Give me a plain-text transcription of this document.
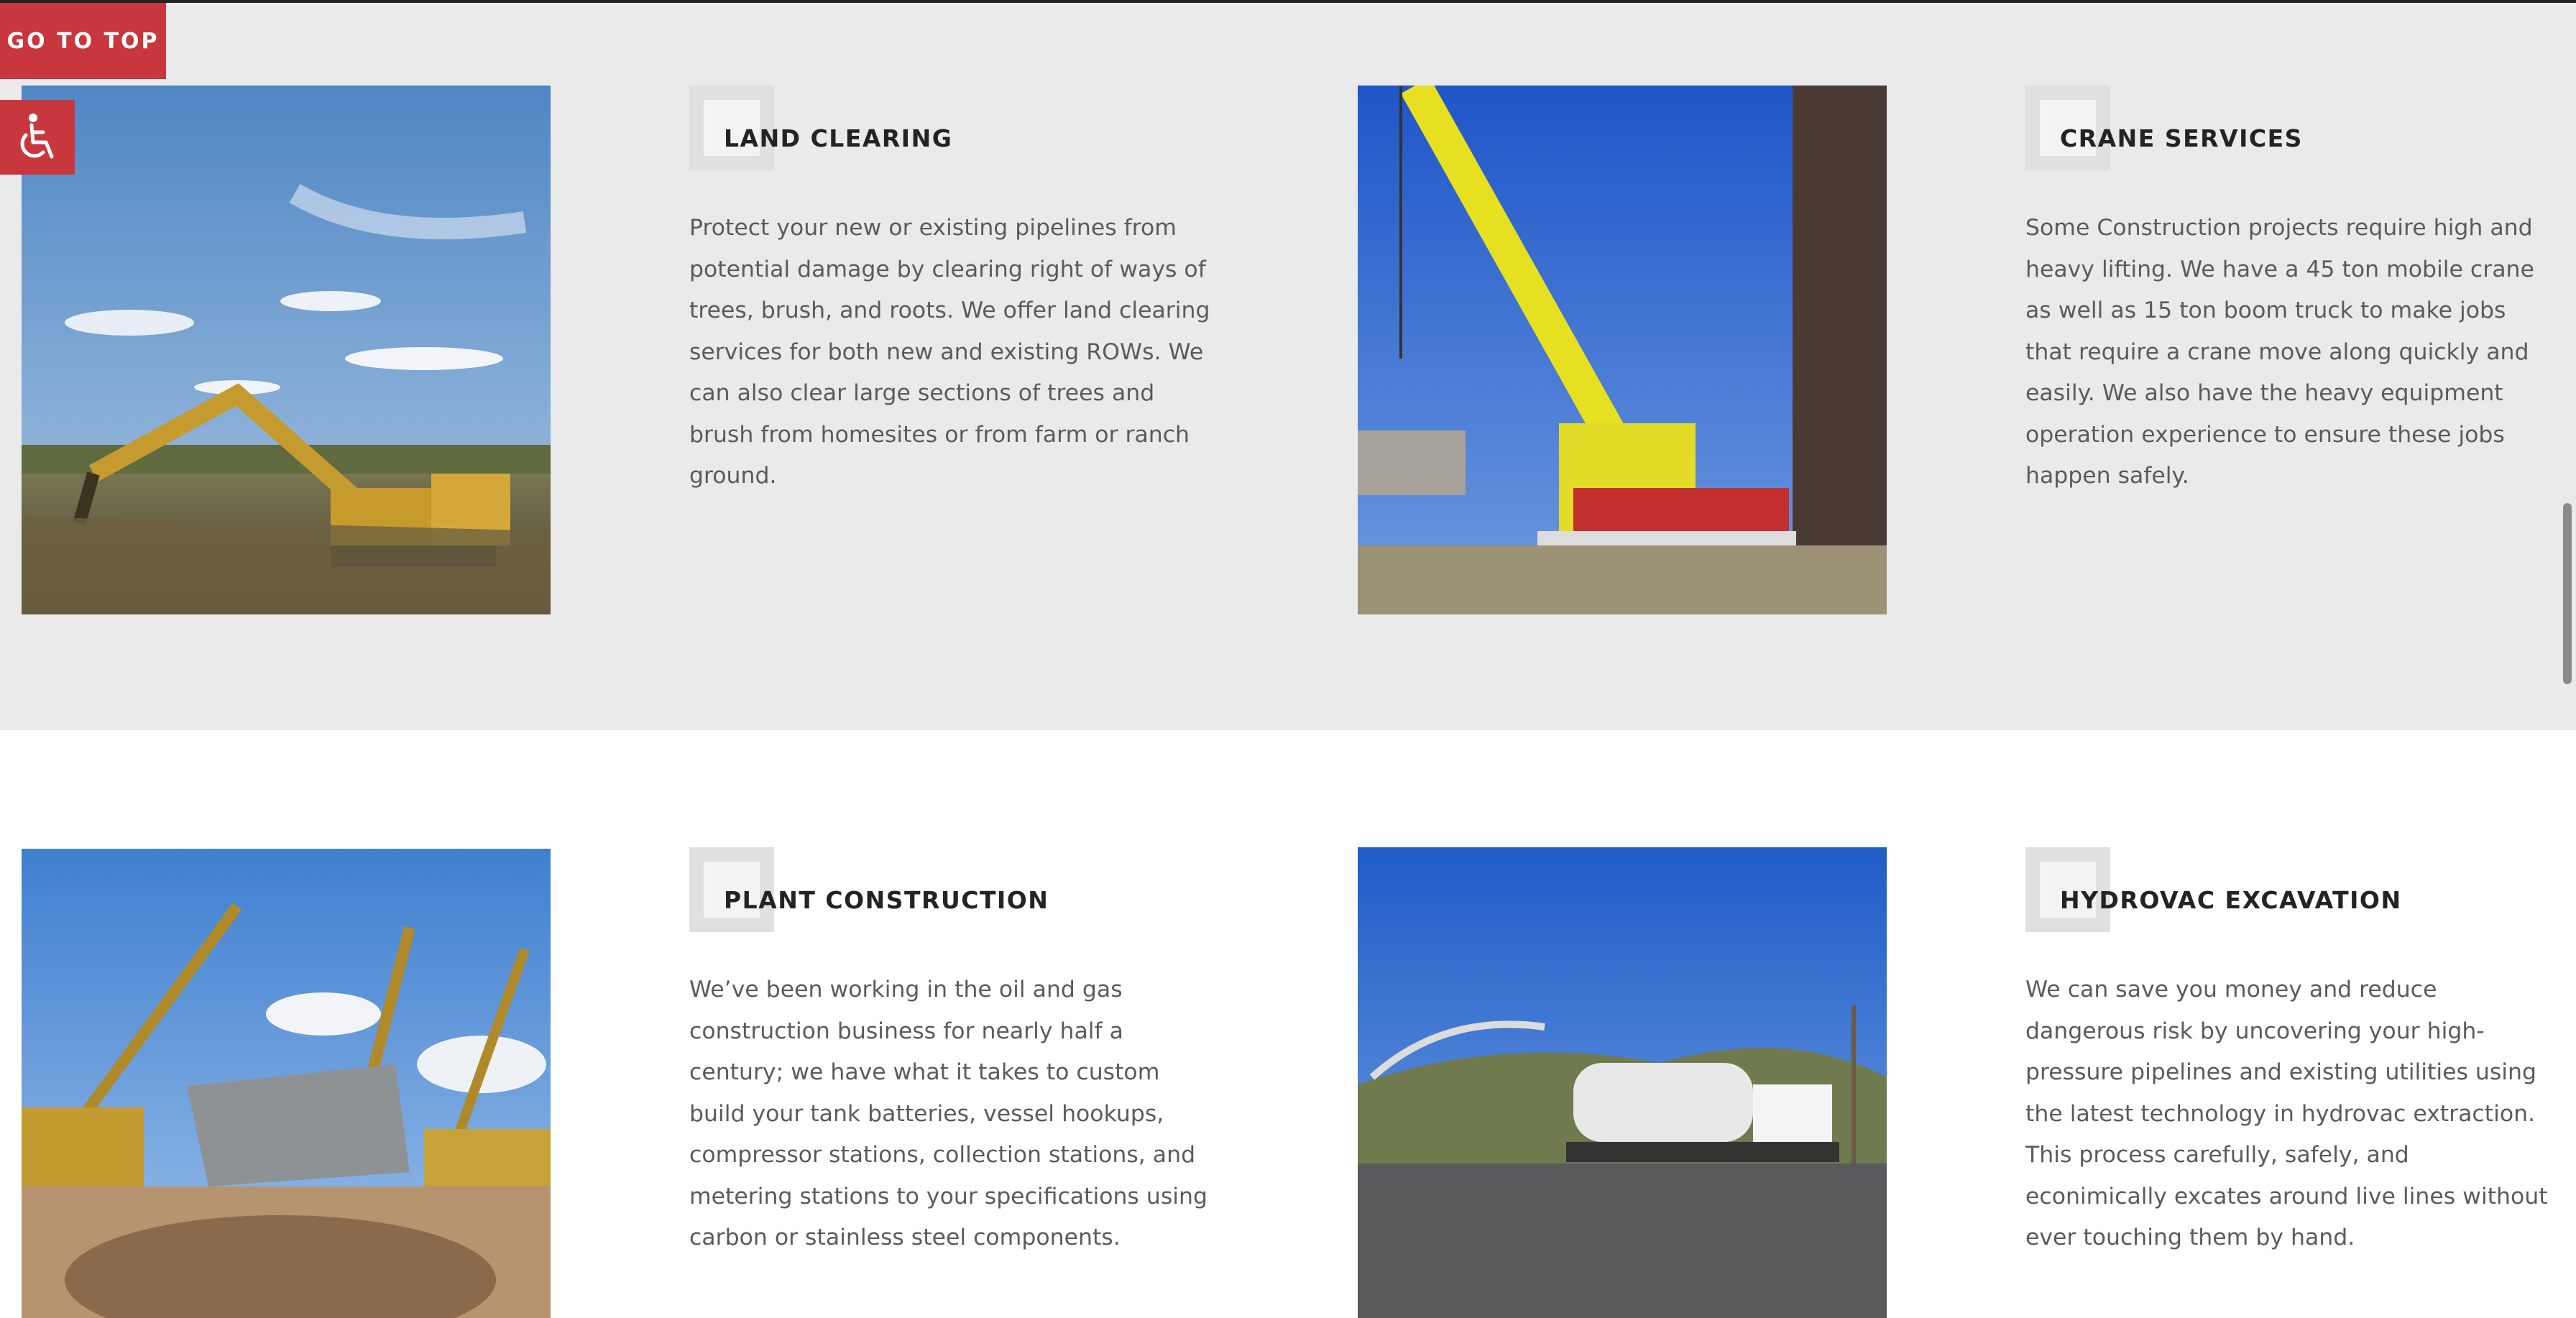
LAND CLEARING

Protect your new or existing pipelines from potential damage by clearing right of ways of trees, brush, and roots. We offer land clearing services for both new and existing ROWs. We can also clear large sections of trees and brush from homesites or from farm or ranch ground.

CRANE SERVICES

Some Construction projects require high and heavy lifting. We have a 45 ton mobile crane as well as 15 ton boom truck to make jobs that require a crane move along quickly and easily. We also have the heavy equipment operation experience to ensure these jobs happen safely.

PLANT CONSTRUCTION

We’ve been working in the oil and gas construction business for nearly half a century; we have what it takes to custom build your tank batteries, vessel hookups, compressor stations, collection stations, and metering stations to your specifications using carbon or stainless steel components.

HYDROVAC EXCAVATION

We can save you money and reduce dangerous risk by uncovering your high-pressure pipelines and existing utilities using the latest technology in hydrovac extraction. This process carefully, safely, and econimically excates around live lines without ever touching them by hand.

GO TO TOP
